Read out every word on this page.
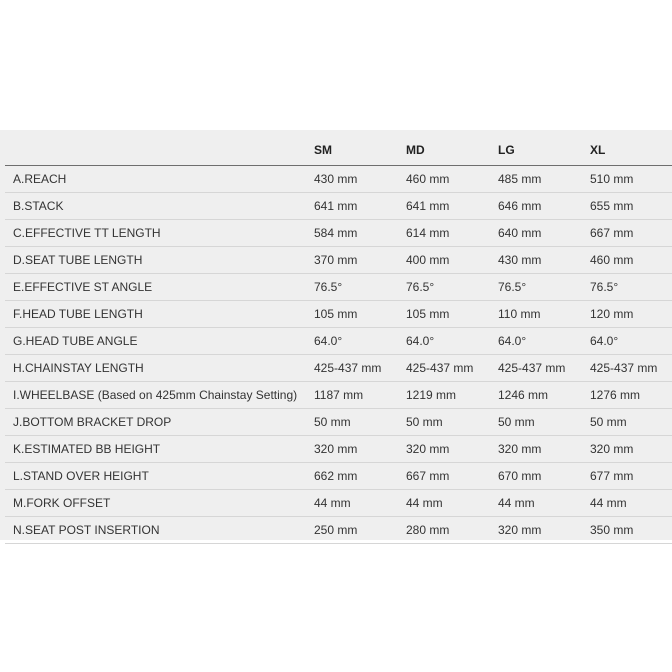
	SM	MD	LG	XL
A.REACH	430 mm	460 mm	485 mm	510 mm
B.STACK	641 mm	641 mm	646 mm	655 mm
C.EFFECTIVE TT LENGTH	584 mm	614 mm	640 mm	667 mm
D.SEAT TUBE LENGTH	370 mm	400 mm	430 mm	460 mm
E.EFFECTIVE ST ANGLE	76.5°	76.5°	76.5°	76.5°
F.HEAD TUBE LENGTH	105 mm	105 mm	110 mm	120 mm
G.HEAD TUBE ANGLE	64.0°	64.0°	64.0°	64.0°
H.CHAINSTAY LENGTH	425-437 mm	425-437 mm	425-437 mm	425-437 mm
I.WHEELBASE (Based on 425mm Chainstay Setting)	1187 mm	1219 mm	1246 mm	1276 mm
J.BOTTOM BRACKET DROP	50 mm	50 mm	50 mm	50 mm
K.ESTIMATED BB HEIGHT	320 mm	320 mm	320 mm	320 mm
L.STAND OVER HEIGHT	662 mm	667 mm	670 mm	677 mm
M.FORK OFFSET	44 mm	44 mm	44 mm	44 mm
N.SEAT POST INSERTION	250 mm	280 mm	320 mm	350 mm
